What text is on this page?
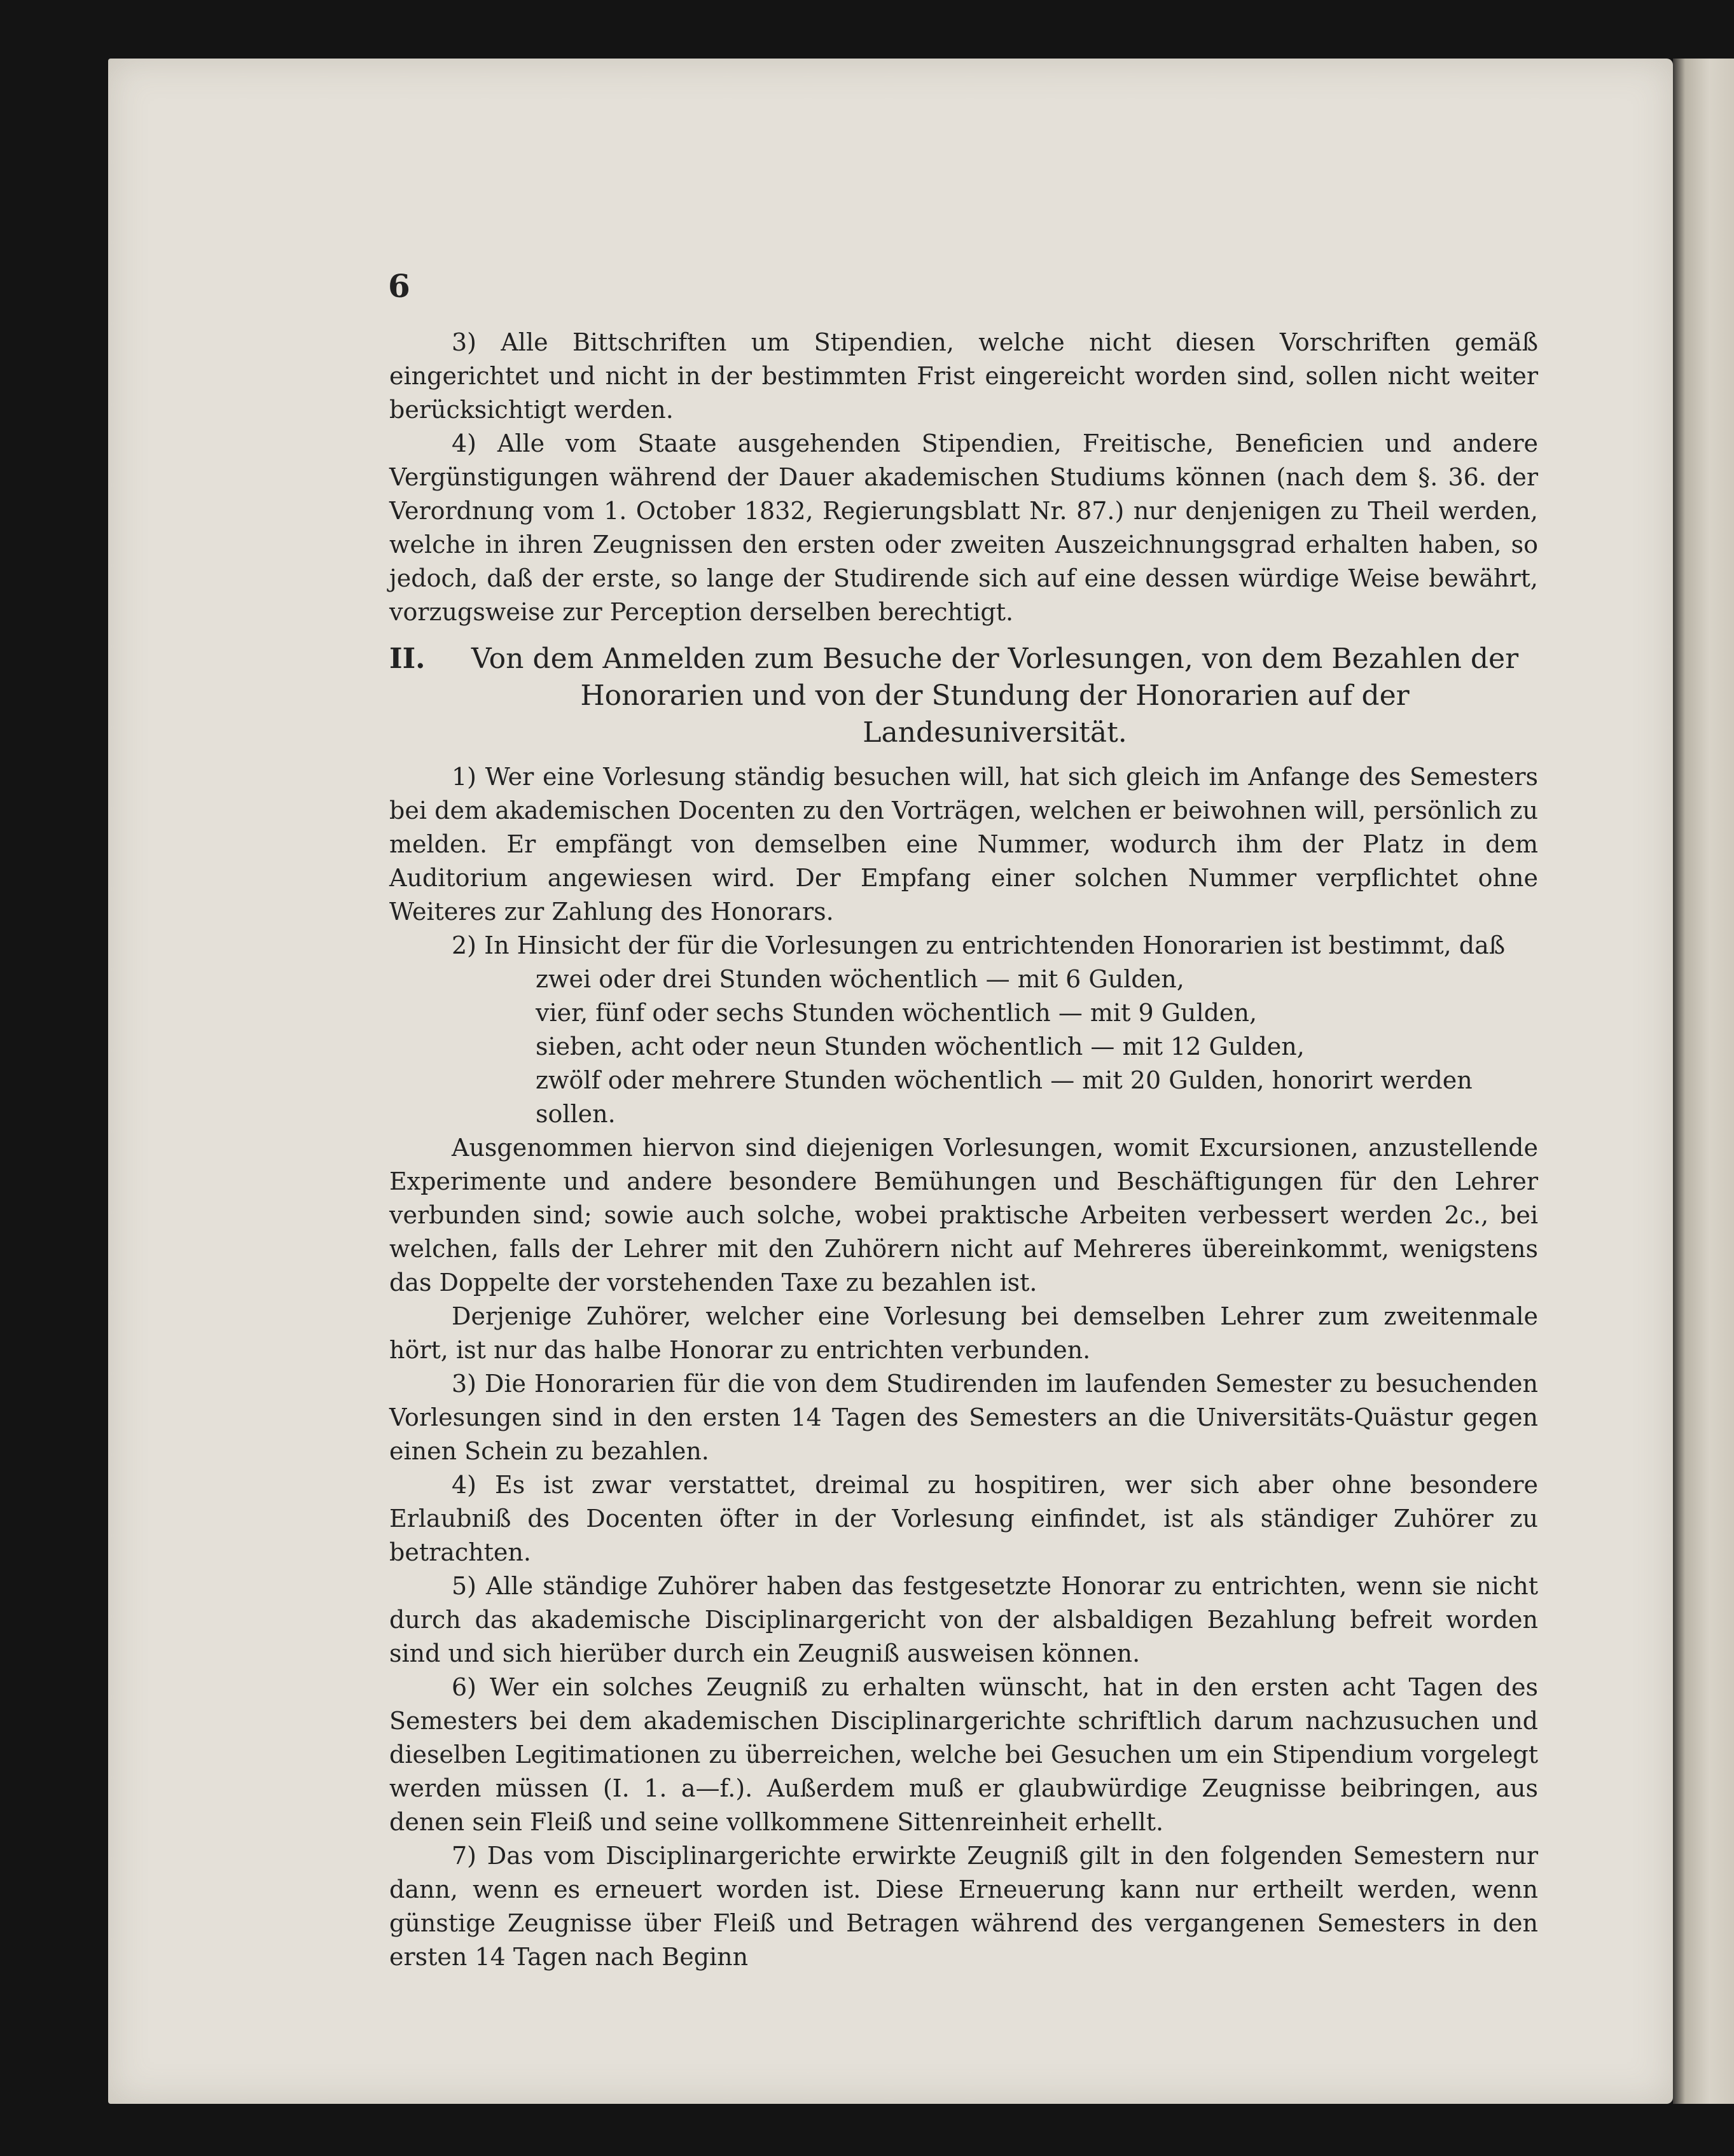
6

3) Alle Bittschriften um Stipendien, welche nicht diesen Vorschriften gemäß eingerichtet und nicht in der bestimmten Frist eingereicht worden sind, sollen nicht weiter berücksichtigt werden.

4) Alle vom Staate ausgehenden Stipendien, Freitische, Beneficien und andere Vergünstigungen während der Dauer akademischen Studiums können (nach dem §. 36. der Verordnung vom 1. October 1832, Regierungsblatt Nr. 87.) nur denjenigen zu Theil werden, welche in ihren Zeugnissen den ersten oder zweiten Auszeichnungsgrad erhalten haben, so jedoch, daß der erste, so lange der Studirende sich auf eine dessen würdige Weise bewährt, vorzugsweise zur Perception derselben berechtigt.

II.	Von dem Anmelden zum Besuche der Vorlesungen, von dem Bezahlen der Honorarien und von der Stundung der Honorarien auf der Landesuniversität.

1) Wer eine Vorlesung ständig besuchen will, hat sich gleich im Anfange des Semesters bei dem akademischen Docenten zu den Vorträgen, welchen er beiwohnen will, persönlich zu melden. Er empfängt von demselben eine Nummer, wodurch ihm der Platz in dem Auditorium angewiesen wird. Der Empfang einer solchen Nummer verpflichtet ohne Weiteres zur Zahlung des Honorars.

2) In Hinsicht der für die Vorlesungen zu entrichtenden Honorarien ist bestimmt, daß

zwei oder drei Stunden wöchentlich — mit 6 Gulden,
vier, fünf oder sechs Stunden wöchentlich — mit 9 Gulden,
sieben, acht oder neun Stunden wöchentlich — mit 12 Gulden,
zwölf oder mehrere Stunden wöchentlich — mit 20 Gulden, honorirt werden sollen.

Ausgenommen hiervon sind diejenigen Vorlesungen, womit Excursionen, anzustellende Experimente und andere besondere Bemühungen und Beschäftigungen für den Lehrer verbunden sind; sowie auch solche, wobei praktische Arbeiten verbessert werden 2c., bei welchen, falls der Lehrer mit den Zuhörern nicht auf Mehreres übereinkommt, wenigstens das Doppelte der vorstehenden Taxe zu bezahlen ist.

Derjenige Zuhörer, welcher eine Vorlesung bei demselben Lehrer zum zweitenmale hört, ist nur das halbe Honorar zu entrichten verbunden.

3) Die Honorarien für die von dem Studirenden im laufenden Semester zu besuchenden Vorlesungen sind in den ersten 14 Tagen des Semesters an die Universitäts-Quästur gegen einen Schein zu bezahlen.

4) Es ist zwar verstattet, dreimal zu hospitiren, wer sich aber ohne besondere Erlaubniß des Docenten öfter in der Vorlesung einfindet, ist als ständiger Zuhörer zu betrachten.

5) Alle ständige Zuhörer haben das festgesetzte Honorar zu entrichten, wenn sie nicht durch das akademische Disciplinargericht von der alsbaldigen Bezahlung befreit worden sind und sich hierüber durch ein Zeugniß ausweisen können.

6) Wer ein solches Zeugniß zu erhalten wünscht, hat in den ersten acht Tagen des Semesters bei dem akademischen Disciplinargerichte schriftlich darum nachzusuchen und dieselben Legitimationen zu überreichen, welche bei Gesuchen um ein Stipendium vorgelegt werden müssen (I. 1. a—f.). Außerdem muß er glaubwürdige Zeugnisse beibringen, aus denen sein Fleiß und seine vollkommene Sittenreinheit erhellt.

7) Das vom Disciplinargerichte erwirkte Zeugniß gilt in den folgenden Semestern nur dann, wenn es erneuert worden ist. Diese Erneuerung kann nur ertheilt werden, wenn günstige Zeugnisse über Fleiß und Betragen während des vergangenen Semesters in den ersten 14 Tagen nach Beginn
